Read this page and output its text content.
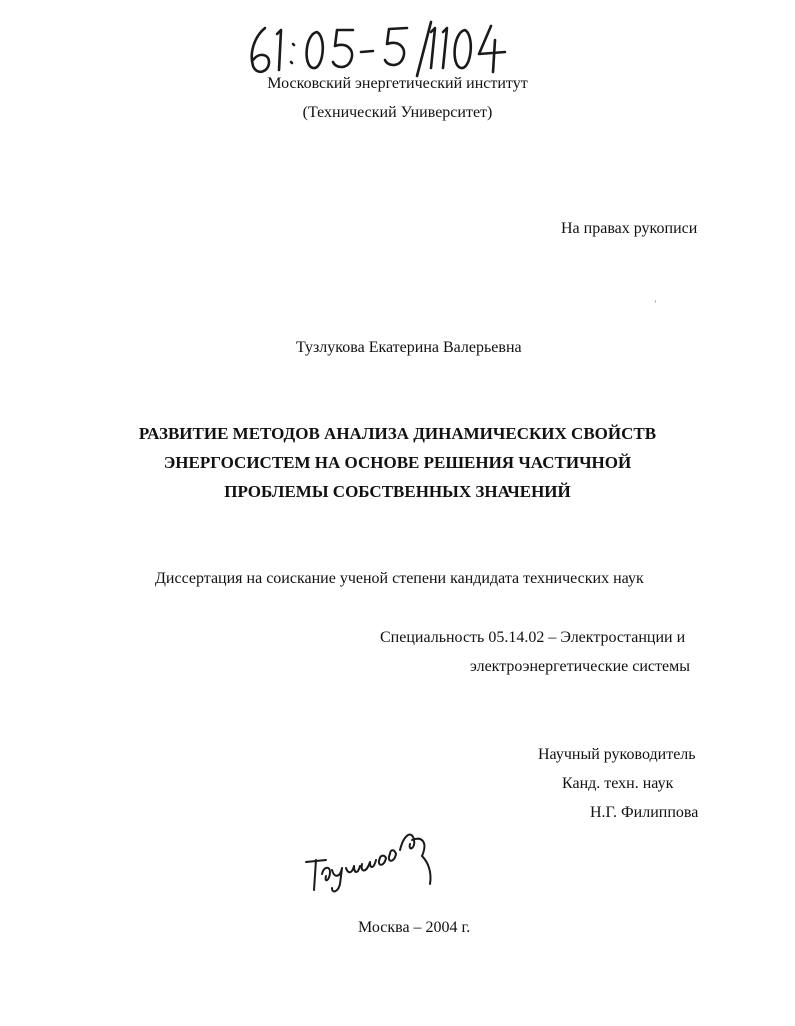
Московский энергетический институт
(Технический Университет)
На правах рукописи
Тузлукова Екатерина Валерьевна
РАЗВИТИЕ МЕТОДОВ АНАЛИЗА ДИНАМИЧЕСКИХ СВОЙСТВ
ЭНЕРГОСИСТЕМ НА ОСНОВЕ РЕШЕНИЯ ЧАСТИЧНОЙ
ПРОБЛЕМЫ СОБСТВЕННЫХ ЗНАЧЕНИЙ
Диссертация на соискание ученой степени кандидата технических наук
Специальность 05.14.02 – Электростанции и
электроэнергетические системы
Научный руководитель
Канд. техн. наук
Н.Г. Филиппова
Москва – 2004 г.
